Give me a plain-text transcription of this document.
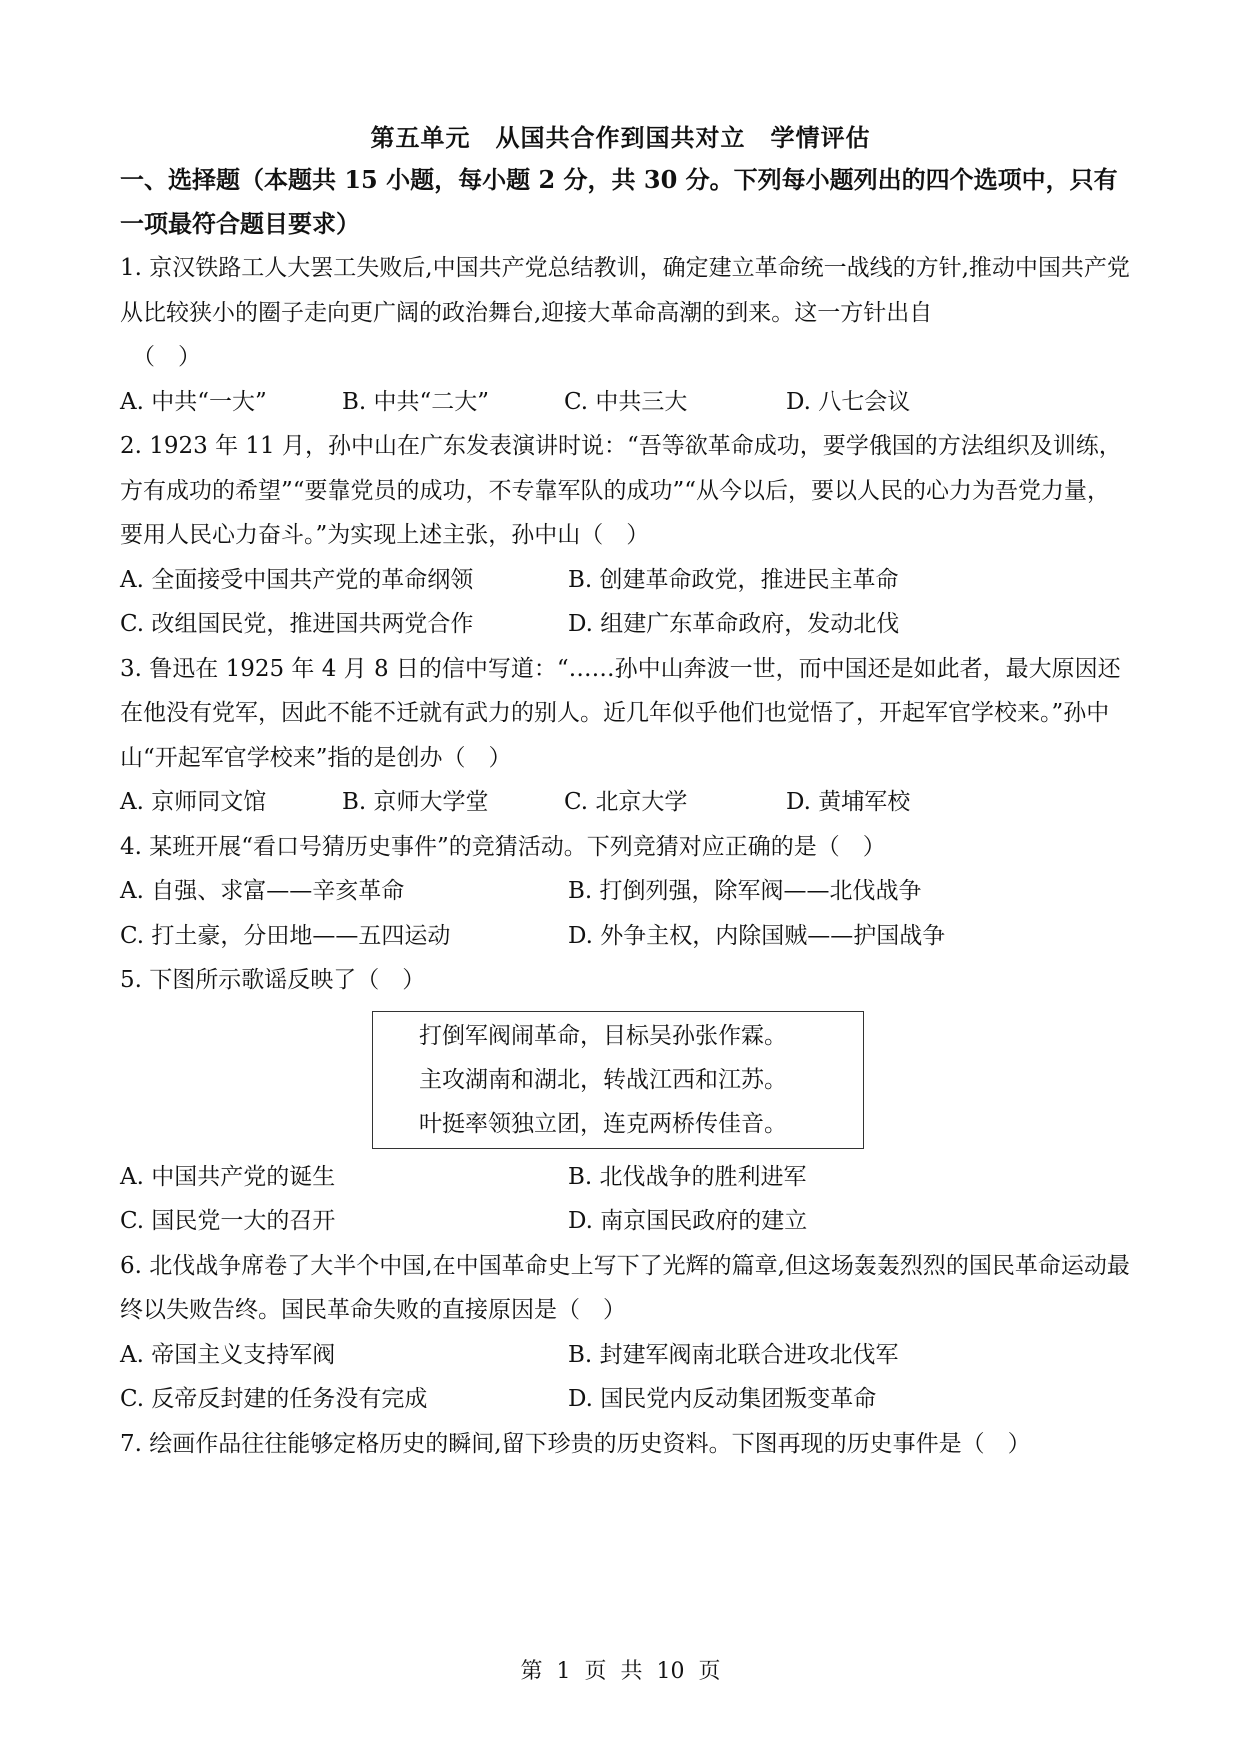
第五单元　从国共合作到国共对立　学情评估
一、选择题（本题共 15 小题，每小题 2 分，共 30 分。下列每小题列出的四个选项中，只有一项最符合题目要求）
1. 京汉铁路工人大罢工失败后,中国共产党总结教训，确定建立革命统一战线的方针,推动中国共产党从比较狭小的圈子走向更广阔的政治舞台,迎接大革命高潮的到来。这一方针出自
（　）
A. 中共“一大”	B. 中共“二大”	C. 中共三大	D. 八七会议
2. 1923 年 11 月，孙中山在广东发表演讲时说：“吾等欲革命成功，要学俄国的方法组织及训练，方有成功的希望”“要靠党员的成功，不专靠军队的成功”“从今以后，要以人民的心力为吾党力量，要用人民心力奋斗。”为实现上述主张，孙中山（　）
A. 全面接受中国共产党的革命纲领	B. 创建革命政党，推进民主革命
C. 改组国民党，推进国共两党合作	D. 组建广东革命政府，发动北伐
3. 鲁迅在 1925 年 4 月 8 日的信中写道：“……孙中山奔波一世，而中国还是如此者，最大原因还在他没有党军，因此不能不迁就有武力的别人。近几年似乎他们也觉悟了，开起军官学校来。”孙中山“开起军官学校来”指的是创办（　）
A. 京师同文馆	B. 京师大学堂	C. 北京大学	D. 黄埔军校
4. 某班开展“看口号猜历史事件”的竞猜活动。下列竞猜对应正确的是（　）
A. 自强、求富——辛亥革命	B. 打倒列强，除军阀——北伐战争
C. 打土豪，分田地——五四运动	D. 外争主权，内除国贼——护国战争
5. 下图所示歌谣反映了（　）
打倒军阀闹革命，目标吴孙张作霖。
主攻湖南和湖北，转战江西和江苏。
叶挺率领独立团，连克两桥传佳音。
A. 中国共产党的诞生	B. 北伐战争的胜利进军
C. 国民党一大的召开	D. 南京国民政府的建立
6. 北伐战争席卷了大半个中国,在中国革命史上写下了光辉的篇章,但这场轰轰烈烈的国民革命运动最终以失败告终。国民革命失败的直接原因是（　）
A. 帝国主义支持军阀	B. 封建军阀南北联合进攻北伐军
C. 反帝反封建的任务没有完成	D. 国民党内反动集团叛变革命
7. 绘画作品往往能够定格历史的瞬间,留下珍贵的历史资料。下图再现的历史事件是（　）
第  1  页  共  10  页
